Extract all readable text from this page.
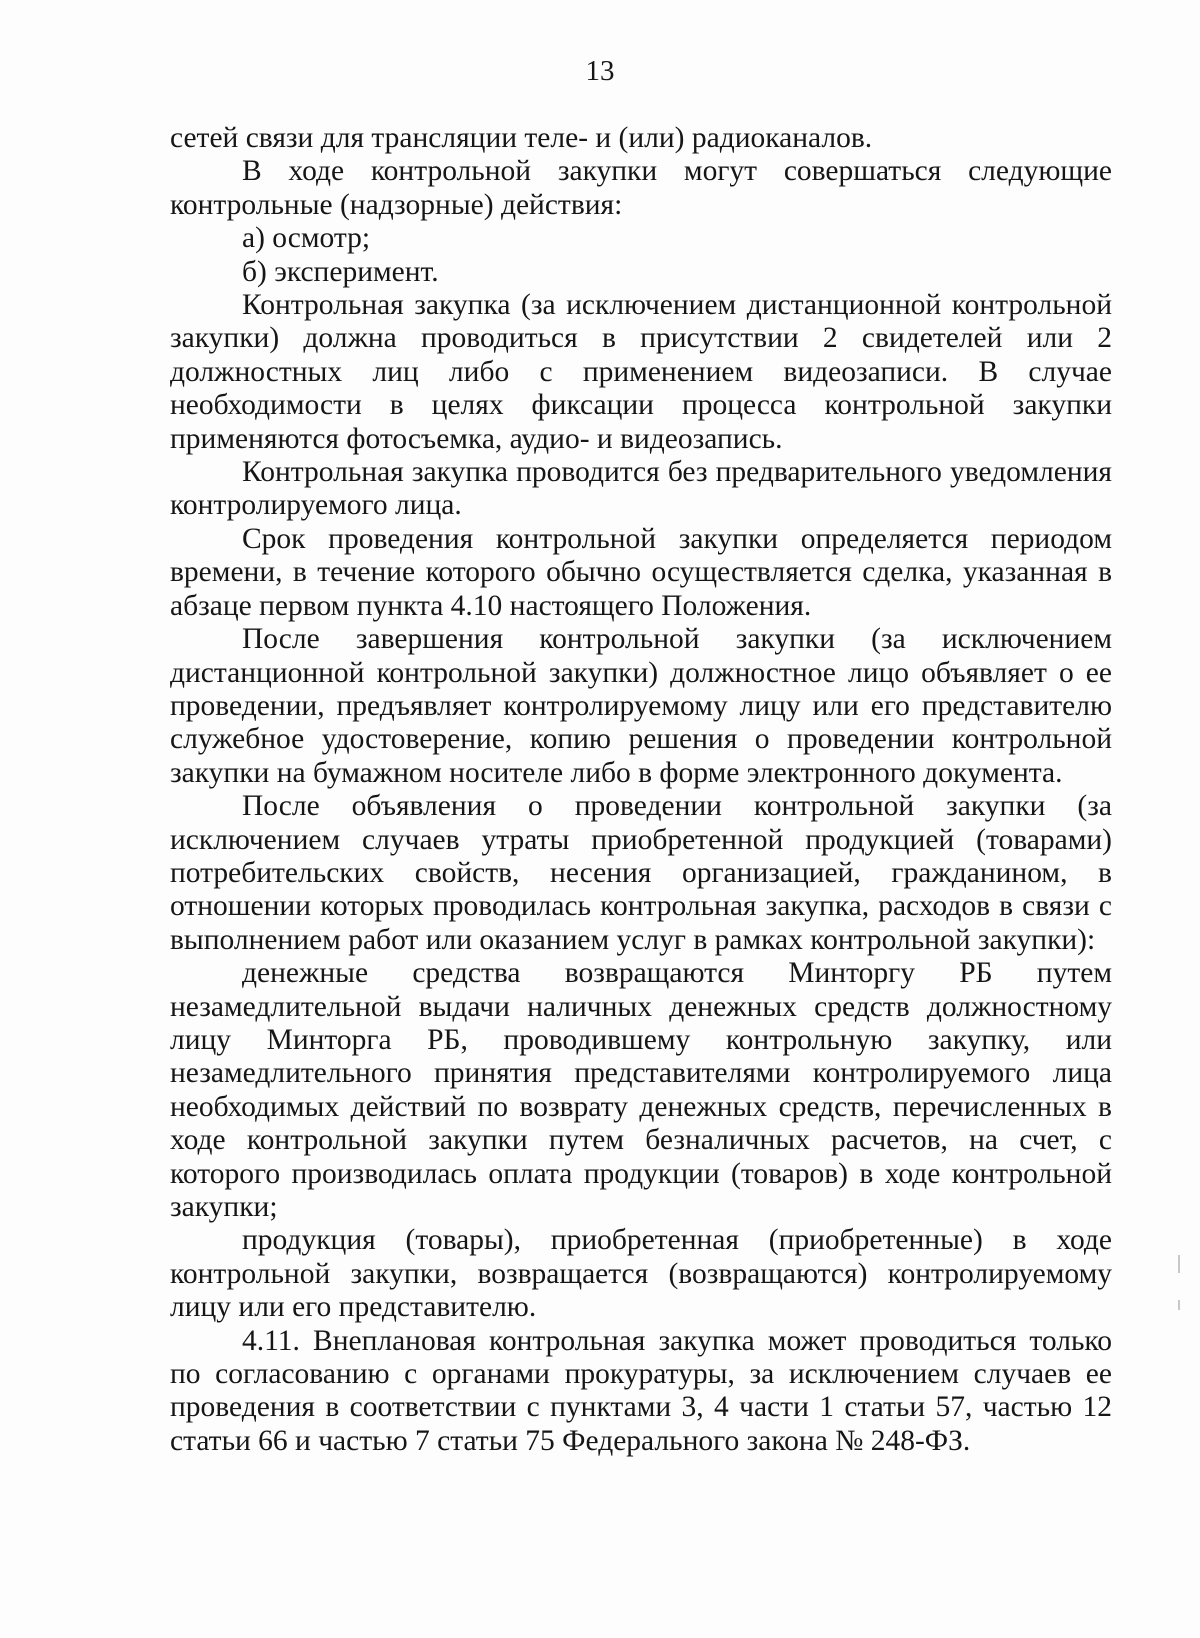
13

сетей связи для трансляции теле- и (или) радиоканалов.

В ходе контрольной закупки могут совершаться следующие контрольные (надзорные) действия:

а) осмотр;

б) эксперимент.

Контрольная закупка (за исключением дистанционной контрольной закупки) должна проводиться в присутствии 2 свидетелей или 2 должностных лиц либо с применением видеозаписи. В случае необходимости в целях фиксации процесса контрольной закупки применяются фотосъемка, аудио- и видеозапись.

Контрольная закупка проводится без предварительного уведомления контролируемого лица.

Срок проведения контрольной закупки определяется периодом времени, в течение которого обычно осуществляется сделка, указанная в абзаце первом пункта 4.10 настоящего Положения.

После завершения контрольной закупки (за исключением дистанционной контрольной закупки) должностное лицо объявляет о ее проведении, предъявляет контролируемому лицу или его представителю служебное удостоверение, копию решения о проведении контрольной закупки на бумажном носителе либо в форме электронного документа.

После объявления о проведении контрольной закупки (за исключением случаев утраты приобретенной продукцией (товарами) потребительских свойств, несения организацией, гражданином, в отношении которых проводилась контрольная закупка, расходов в связи с выполнением работ или оказанием услуг в рамках контрольной закупки):

денежные средства возвращаются Минторгу РБ путем незамедлительной выдачи наличных денежных средств должностному лицу Минторга РБ, проводившему контрольную закупку, или незамедлительного принятия представителями контролируемого лица необходимых действий по возврату денежных средств, перечисленных в ходе контрольной закупки путем безналичных расчетов, на счет, с которого производилась оплата продукции (товаров) в ходе контрольной закупки;

продукция (товары), приобретенная (приобретенные) в ходе контрольной закупки, возвращается (возвращаются) контролируемому лицу или его представителю.

4.11. Внеплановая контрольная закупка может проводиться только по согласованию с органами прокуратуры, за исключением случаев ее проведения в соответствии с пунктами 3, 4 части 1 статьи 57, частью 12 статьи 66 и частью 7 статьи 75 Федерального закона № 248-ФЗ.
